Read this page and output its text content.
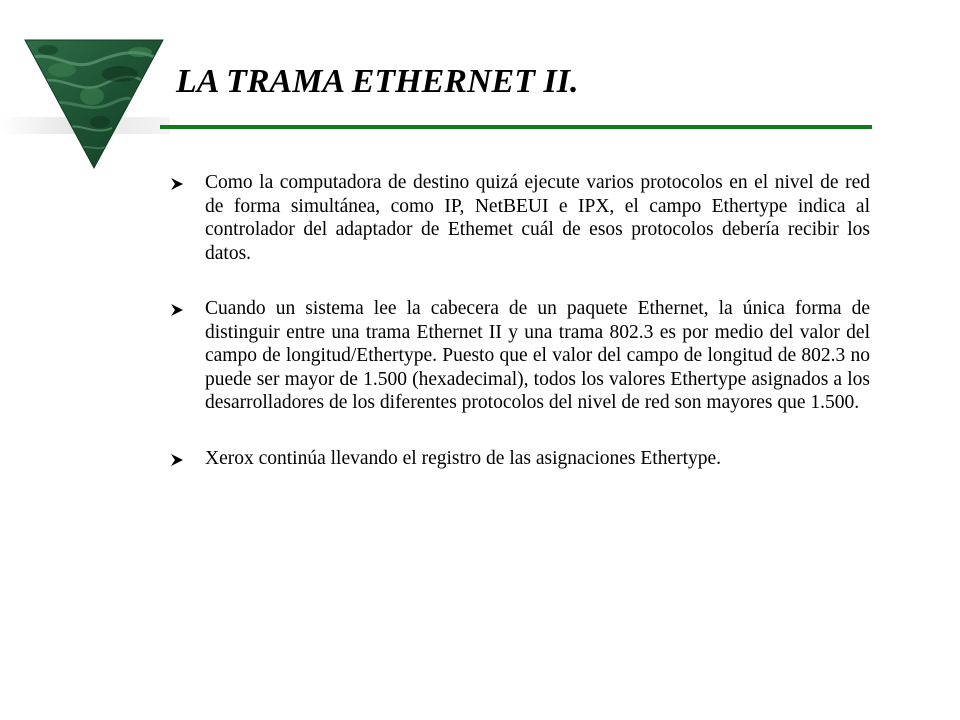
LA TRAMA ETHERNET II.
Como la computadora de destino quizá ejecute varios protocolos en el nivel de red de forma simultánea, como IP, NetBEUI e IPX, el campo Ethertype indica al controlador del adaptador de Ethemet cuál de esos protocolos debería recibir los datos.
Cuando un sistema lee la cabecera de un paquete Ethernet, la única forma de distinguir entre una trama Ethernet II y una trama 802.3 es por medio del valor del campo de longitud/Ethertype. Puesto que el valor del campo de longitud de 802.3 no puede ser mayor de 1.500 (hexadecimal), todos los valores Ethertype asignados a los desarrolladores de los diferentes protocolos del nivel de red son mayores que 1.500.
Xerox continúa llevando el registro de las asignaciones Ethertype.
